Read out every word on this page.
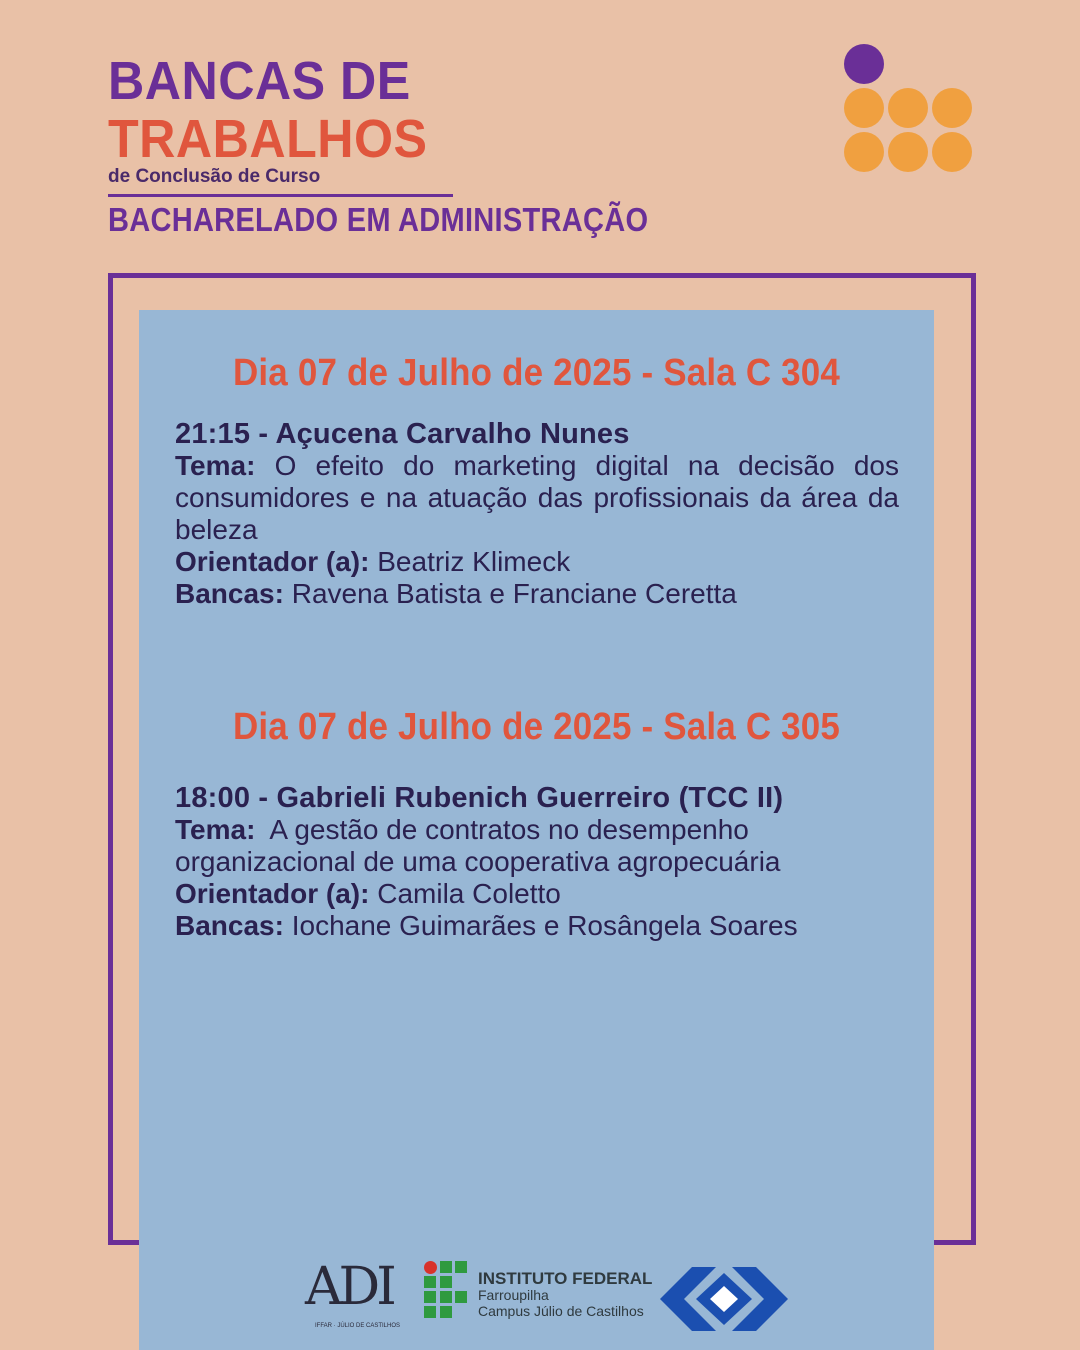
BANCAS DE
TRABALHOS
de Conclusão de Curso
BACHARELADO EM ADMINISTRAÇÃO
Dia 07 de Julho de 2025 - Sala C 304
21:15 - Açucena Carvalho Nunes
Tema: O efeito do marketing digital na decisão dos consumidores e na atuação das profissionais da área da beleza
Orientador (a): Beatriz Klimeck
Bancas: Ravena Batista e Franciane Ceretta
Dia 07 de Julho de 2025 - Sala C 305
18:00 - Gabrieli Rubenich Guerreiro (TCC II)
Tema: A gestão de contratos no desempenho organizacional de uma cooperativa agropecuária
Orientador (a): Camila Coletto
Bancas: Iochane Guimarães e Rosângela Soares
ADI
IFFAR · JÚLIO DE CASTILHOS
INSTITUTO FEDERAL
Farroupilha
Campus Júlio de Castilhos
